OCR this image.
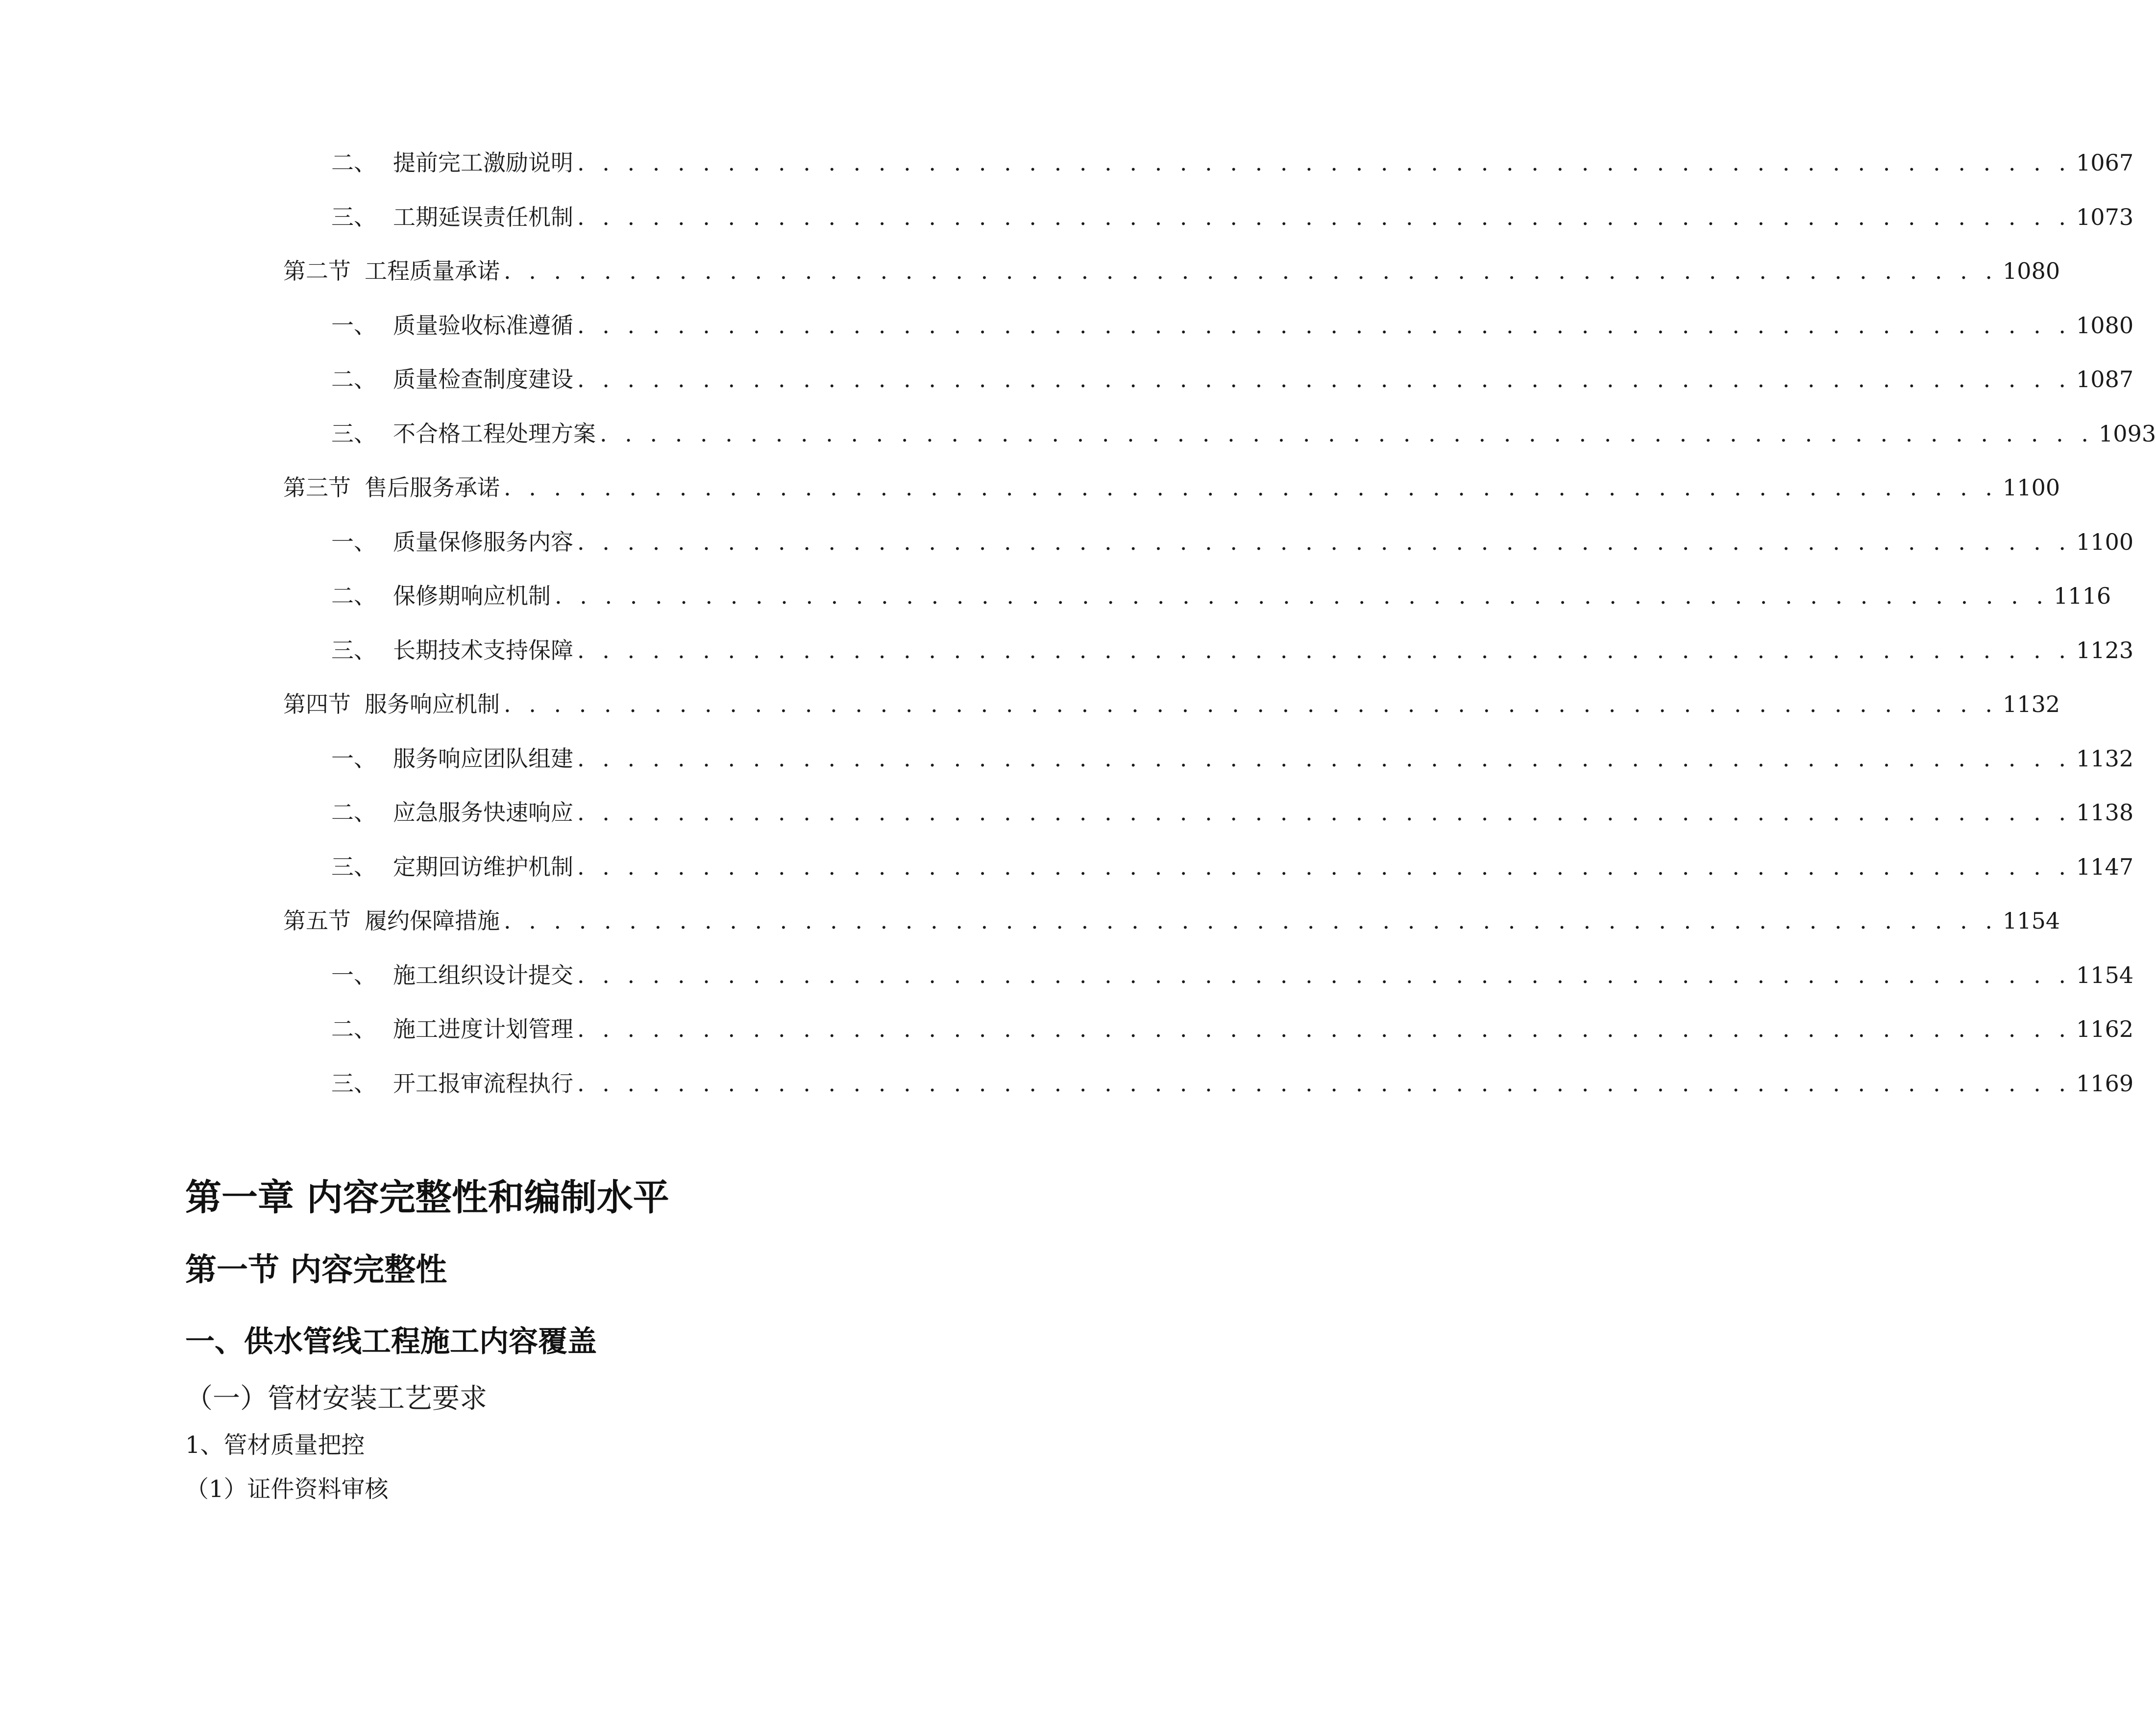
二、 提前完工激励说明 . . . . . . . . . . . . . . . . . . . . . . . . . . . . . . . . . . . . . . . . . . . . . . . . . . . . . . . . . . . . 1067
三、 工期延误责任机制 . . . . . . . . . . . . . . . . . . . . . . . . . . . . . . . . . . . . . . . . . . . . . . . . . . . . . . . . . . . . 1073
第二节 工程质量承诺 . . . . . . . . . . . . . . . . . . . . . . . . . . . . . . . . . . . . . . . . . . . . . . . . . . . . . . . . . . . . 1080
一、 质量验收标准遵循 . . . . . . . . . . . . . . . . . . . . . . . . . . . . . . . . . . . . . . . . . . . . . . . . . . . . . . . . . . . . 1080
二、 质量检查制度建设 . . . . . . . . . . . . . . . . . . . . . . . . . . . . . . . . . . . . . . . . . . . . . . . . . . . . . . . . . . . . 1087
三、 不合格工程处理方案 . . . . . . . . . . . . . . . . . . . . . . . . . . . . . . . . . . . . . . . . . . . . . . . . . . . . . . . . . . . . 1093
第三节 售后服务承诺 . . . . . . . . . . . . . . . . . . . . . . . . . . . . . . . . . . . . . . . . . . . . . . . . . . . . . . . . . . . . 1100
一、 质量保修服务内容 . . . . . . . . . . . . . . . . . . . . . . . . . . . . . . . . . . . . . . . . . . . . . . . . . . . . . . . . . . . . 1100
二、 保修期响应机制 . . . . . . . . . . . . . . . . . . . . . . . . . . . . . . . . . . . . . . . . . . . . . . . . . . . . . . . . . . . . 1116
三、 长期技术支持保障 . . . . . . . . . . . . . . . . . . . . . . . . . . . . . . . . . . . . . . . . . . . . . . . . . . . . . . . . . . . . 1123
第四节 服务响应机制 . . . . . . . . . . . . . . . . . . . . . . . . . . . . . . . . . . . . . . . . . . . . . . . . . . . . . . . . . . . . 1132
一、 服务响应团队组建 . . . . . . . . . . . . . . . . . . . . . . . . . . . . . . . . . . . . . . . . . . . . . . . . . . . . . . . . . . . . 1132
二、 应急服务快速响应 . . . . . . . . . . . . . . . . . . . . . . . . . . . . . . . . . . . . . . . . . . . . . . . . . . . . . . . . . . . . 1138
三、 定期回访维护机制 . . . . . . . . . . . . . . . . . . . . . . . . . . . . . . . . . . . . . . . . . . . . . . . . . . . . . . . . . . . . 1147
第五节 履约保障措施 . . . . . . . . . . . . . . . . . . . . . . . . . . . . . . . . . . . . . . . . . . . . . . . . . . . . . . . . . . . . 1154
一、 施工组织设计提交 . . . . . . . . . . . . . . . . . . . . . . . . . . . . . . . . . . . . . . . . . . . . . . . . . . . . . . . . . . . . 1154
二、 施工进度计划管理 . . . . . . . . . . . . . . . . . . . . . . . . . . . . . . . . . . . . . . . . . . . . . . . . . . . . . . . . . . . . 1162
三、 开工报审流程执行 . . . . . . . . . . . . . . . . . . . . . . . . . . . . . . . . . . . . . . . . . . . . . . . . . . . . . . . . . . . . 1169
第一章 内容完整性和编制水平
第一节 内容完整性
一、供水管线工程施工内容覆盖
（一）管材安装工艺要求
1、管材质量把控
（1）证件资料审核
